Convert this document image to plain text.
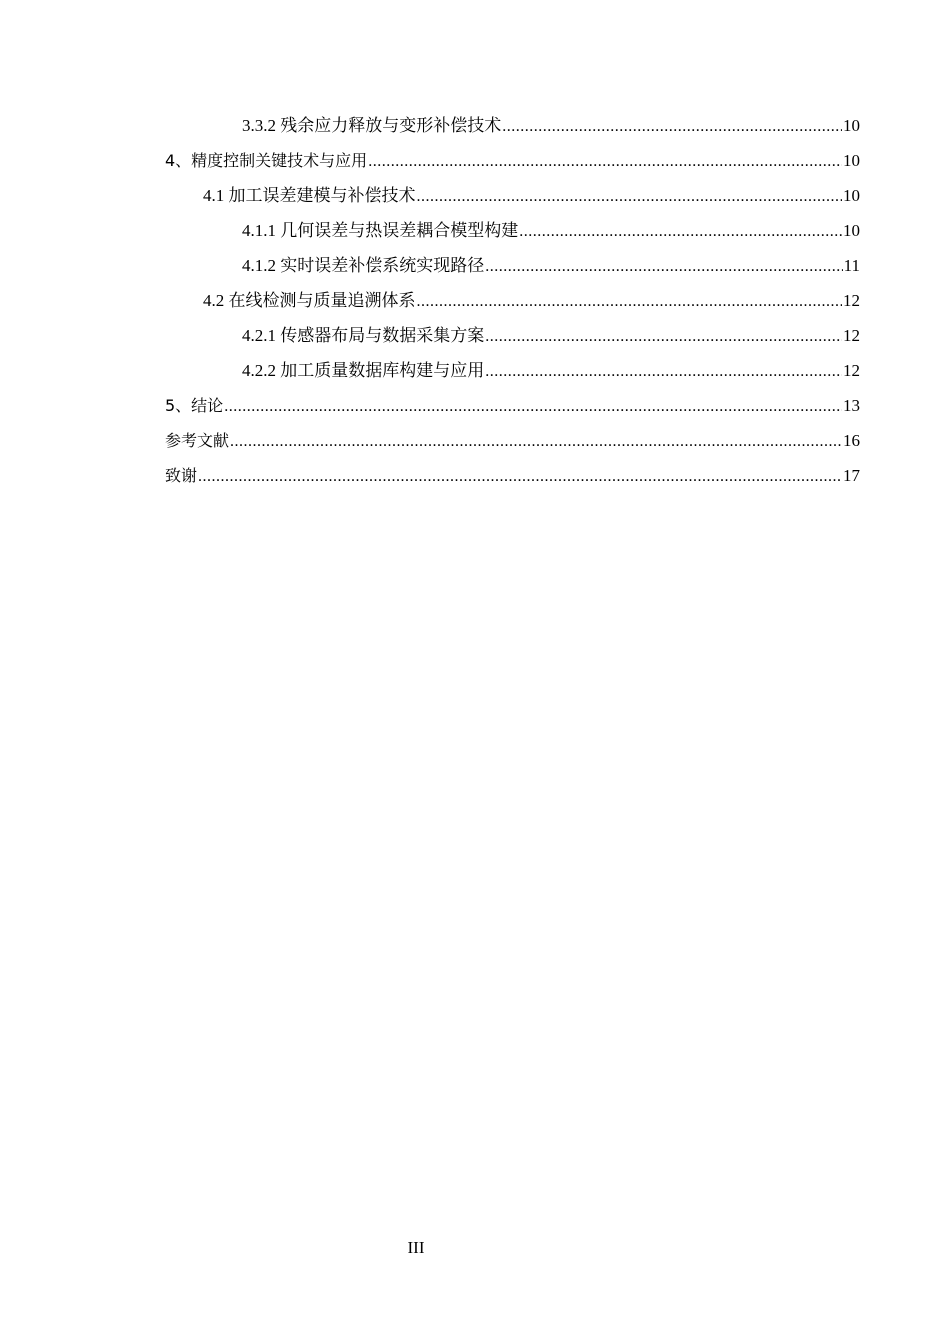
3.3.2 残余应力释放与变形补偿技术 .....	10
4、精度控制关键技术与应用 .....	10
4.1 加工误差建模与补偿技术 .....	10
4.1.1 几何误差与热误差耦合模型构建 .....	10
4.1.2 实时误差补偿系统实现路径 .....	11
4.2 在线检测与质量追溯体系 .....	12
4.2.1 传感器布局与数据采集方案 .....	12
4.2.2 加工质量数据库构建与应用 .....	12
5、结论 .....	13
参考文献 .....	16
致谢 .....	17
III
